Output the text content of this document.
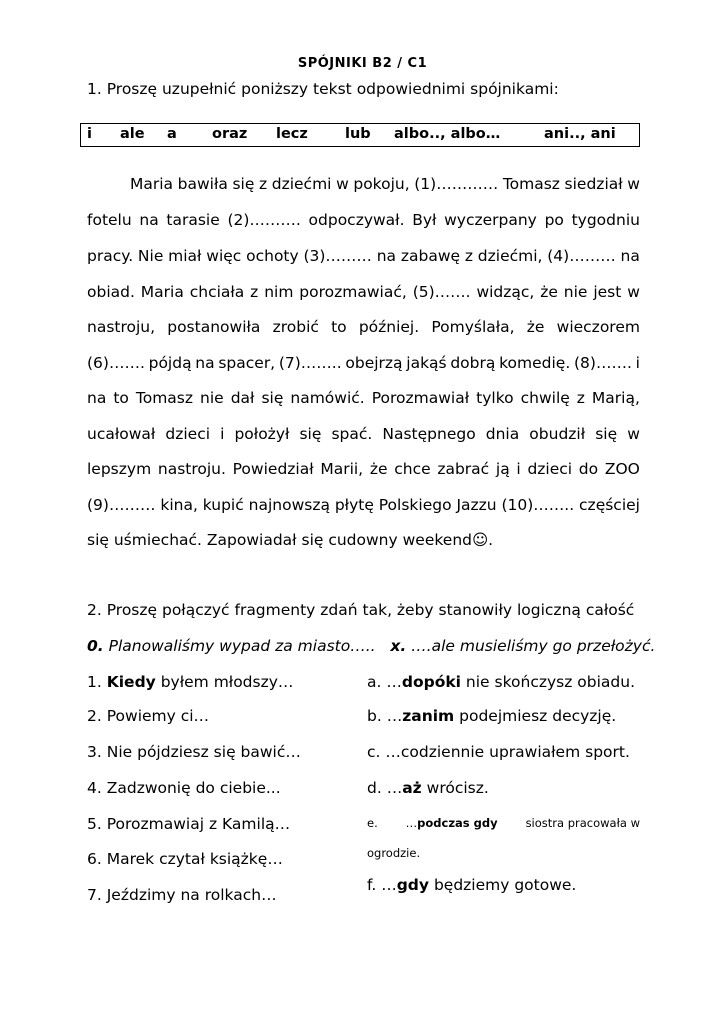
SPÓJNIKI B2 / C1
1. Proszę uzupełnić poniższy tekst odpowiednimi spójnikami:
i ale a oraz lecz	lub albo.., albo…	ani.., ani
Maria bawiła się z dziećmi w pokoju, (1)………… Tomasz siedział w
fotelu na tarasie (2)………. odpoczywał. Był wyczerpany po tygodniu
pracy. Nie miał więc ochoty (3)……… na zabawę z dziećmi, (4)……… na
obiad. Maria chciała z nim porozmawiać, (5)……. widząc, że nie jest w
nastroju, postanowiła zrobić to później. Pomyślała, że wieczorem
(6)……. pójdą na spacer, (7)…….. obejrzą jakąś dobrą komedię. (8)……. i
na to Tomasz nie dał się namówić. Porozmawiał tylko chwilę z Marią,
ucałował dzieci i położył się spać. Następnego dnia obudził się w
lepszym nastroju. Powiedział Marii, że chce zabrać ją i dzieci do ZOO
(9)……… kina, kupić najnowszą płytę Polskiego Jazzu (10)…….. częściej
się uśmiechać. Zapowiadał się cudowny weekend☺.
2. Proszę połączyć fragmenty zdań tak, żeby stanowiły logiczną całość
0. Planowaliśmy wypad za miasto….. x. ….ale musieliśmy go przełożyć.
1. Kiedy byłem młodszy…
2. Powiemy ci…
3. Nie pójdziesz się bawić…
4. Zadzwonię do ciebie...
5. Porozmawiaj z Kamilą…
6. Marek czytał książkę…
7. Jeździmy na rolkach…
a. …dopóki nie skończysz obiadu.
b. …zanim podejmiesz decyzję.
c. …codziennie uprawiałem sport.
d. …aż wrócisz.
e. …podczas gdy siostra pracowała w
ogrodzie.
f. …gdy będziemy gotowe.
